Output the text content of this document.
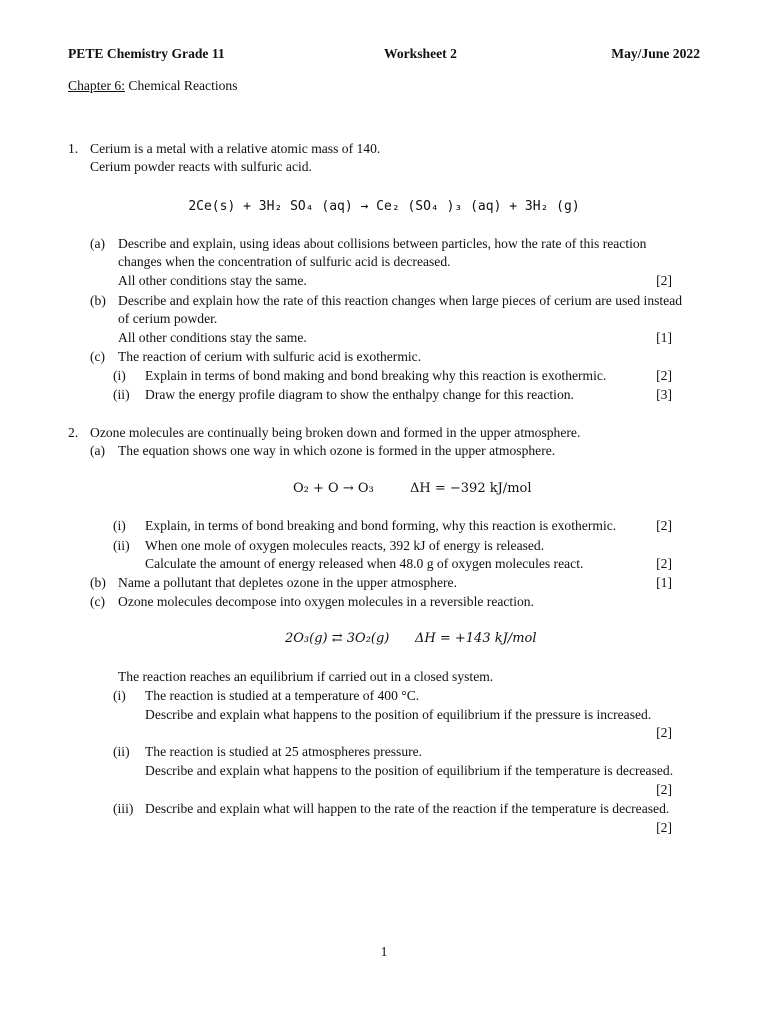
PETE Chemistry Grade 11	Worksheet 2	May/June 2022
Chapter 6: Chemical Reactions
1. Cerium is a metal with a relative atomic mass of 140.
Cerium powder reacts with sulfuric acid.
2Ce(s) + 3H₂ SO₄ (aq) → Ce₂ (SO₄ )₃ (aq) + 3H₂ (g)
(a) Describe and explain, using ideas about collisions between particles, how the rate of this reaction
changes when the concentration of sulfuric acid is decreased.
All other conditions stay the same.	[2]
(b) Describe and explain how the rate of this reaction changes when large pieces of cerium are used instead
of cerium powder.
All other conditions stay the same.	[1]
(c) The reaction of cerium with sulfuric acid is exothermic.
(i) Explain in terms of bond making and bond breaking why this reaction is exothermic.	[2]
(ii) Draw the energy profile diagram to show the enthalpy change for this reaction.	[3]
2. Ozone molecules are continually being broken down and formed in the upper atmosphere.
(a) The equation shows one way in which ozone is formed in the upper atmosphere.
O₂ + O → O₃	ΔH = −392 kJ/mol
(i) Explain, in terms of bond breaking and bond forming, why this reaction is exothermic.	[2]
(ii) When one mole of oxygen molecules reacts, 392 kJ of energy is released.
Calculate the amount of energy released when 48.0 g of oxygen molecules react.	[2]
(b) Name a pollutant that depletes ozone in the upper atmosphere.	[1]
(c) Ozone molecules decompose into oxygen molecules in a reversible reaction.
2O₃(g) ⇄ 3O₂(g) ΔH = +143 kJ/mol
The reaction reaches an equilibrium if carried out in a closed system.
(i) The reaction is studied at a temperature of 400 °C.
Describe and explain what happens to the position of equilibrium if the pressure is increased.
[2]
(ii) The reaction is studied at 25 atmospheres pressure.
Describe and explain what happens to the position of equilibrium if the temperature is decreased.
[2]
(iii) Describe and explain what will happen to the rate of the reaction if the temperature is decreased.
[2]
1
